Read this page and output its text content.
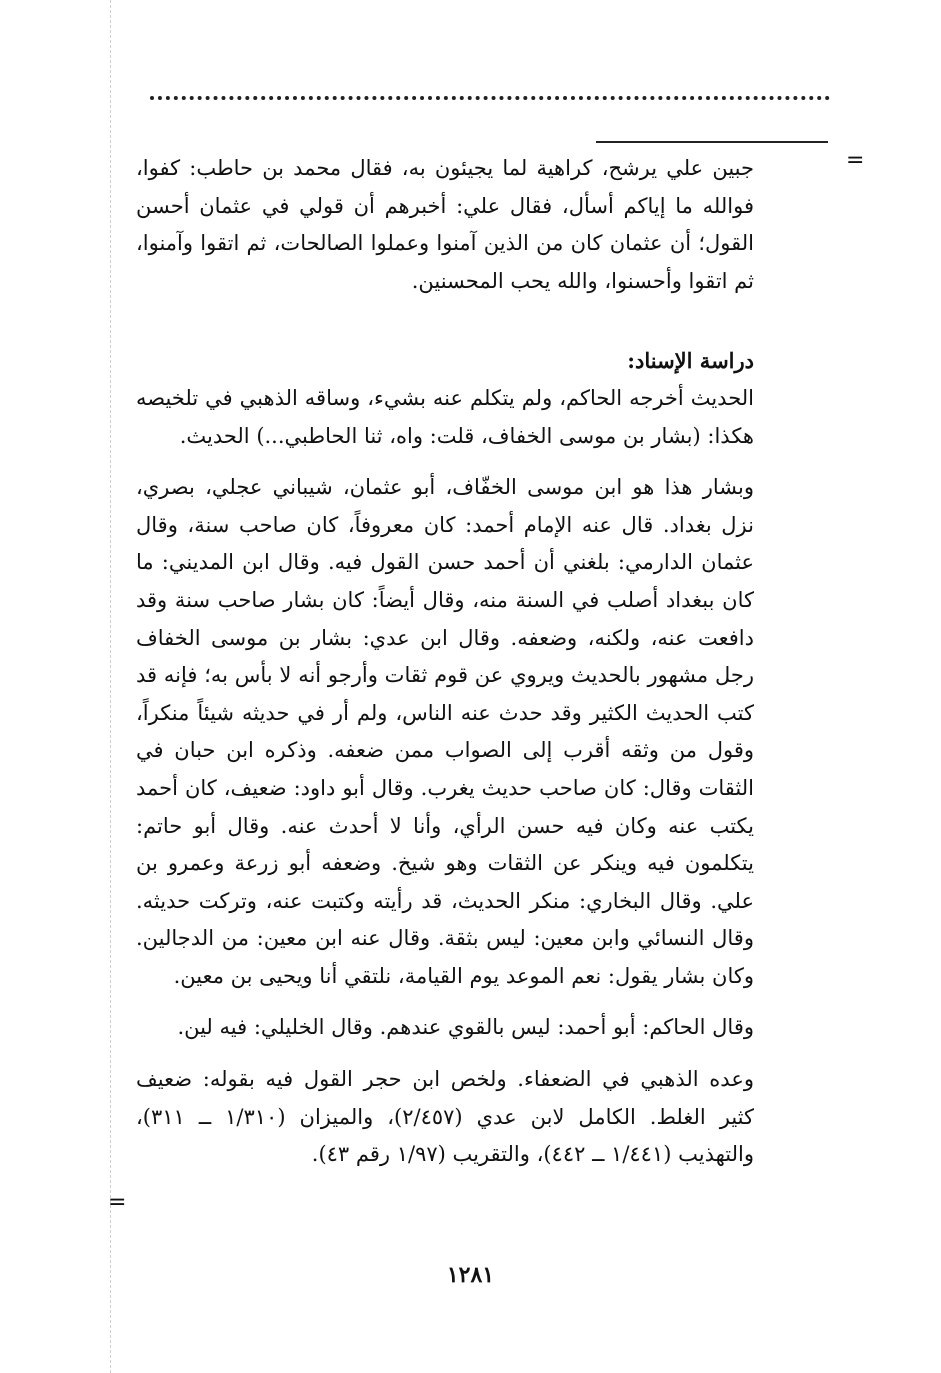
=
=

جبين علي يرشح، كراهية لما يجيئون به، فقال محمد بن حاطب: كفوا، فوالله ما إياكم أسأل، فقال علي: أخبرهم أن قولي في عثمان أحسن القول؛ أن عثمان كان من الذين آمنوا وعملوا الصالحات، ثم اتقوا وآمنوا، ثم اتقوا وأحسنوا، والله يحب المحسنين.

دراسة الإسناد:

الحديث أخرجه الحاكم، ولم يتكلم عنه بشيء، وساقه الذهبي في تلخيصه هكذا: (بشار بن موسى الخفاف، قلت: واه، ثنا الحاطبي...) الحديث.

وبشار هذا هو ابن موسى الخفّاف، أبو عثمان، شيباني عجلي، بصري، نزل بغداد. قال عنه الإمام أحمد: كان معروفاً، كان صاحب سنة، وقال عثمان الدارمي: بلغني أن أحمد حسن القول فيه. وقال ابن المديني: ما كان ببغداد أصلب في السنة منه، وقال أيضاً: كان بشار صاحب سنة وقد دافعت عنه، ولكنه، وضعفه. وقال ابن عدي: بشار بن موسى الخفاف رجل مشهور بالحديث ويروي عن قوم ثقات وأرجو أنه لا بأس به؛ فإنه قد كتب الحديث الكثير وقد حدث عنه الناس، ولم أر في حديثه شيئاً منكراً، وقول من وثقه أقرب إلى الصواب ممن ضعفه. وذكره ابن حبان في الثقات وقال: كان صاحب حديث يغرب. وقال أبو داود: ضعيف، كان أحمد يكتب عنه وكان فيه حسن الرأي، وأنا لا أحدث عنه. وقال أبو حاتم: يتكلمون فيه وينكر عن الثقات وهو شيخ. وضعفه أبو زرعة وعمرو بن علي. وقال البخاري: منكر الحديث، قد رأيته وكتبت عنه، وتركت حديثه. وقال النسائي وابن معين: ليس بثقة. وقال عنه ابن معين: من الدجالين. وكان بشار يقول: نعم الموعد يوم القيامة، نلتقي أنا ويحيى بن معين.

وقال الحاكم: أبو أحمد: ليس بالقوي عندهم. وقال الخليلي: فيه لين.

وعده الذهبي في الضعفاء. ولخص ابن حجر القول فيه بقوله: ضعيف كثير الغلط. الكامل لابن عدي (٢/٤٥٧)، والميزان (١/٣١٠ ــ ٣١١)، والتهذيب (١/٤٤١ ــ ٤٤٢)، والتقريب (١/٩٧ رقم ٤٣).

١٢٨١
